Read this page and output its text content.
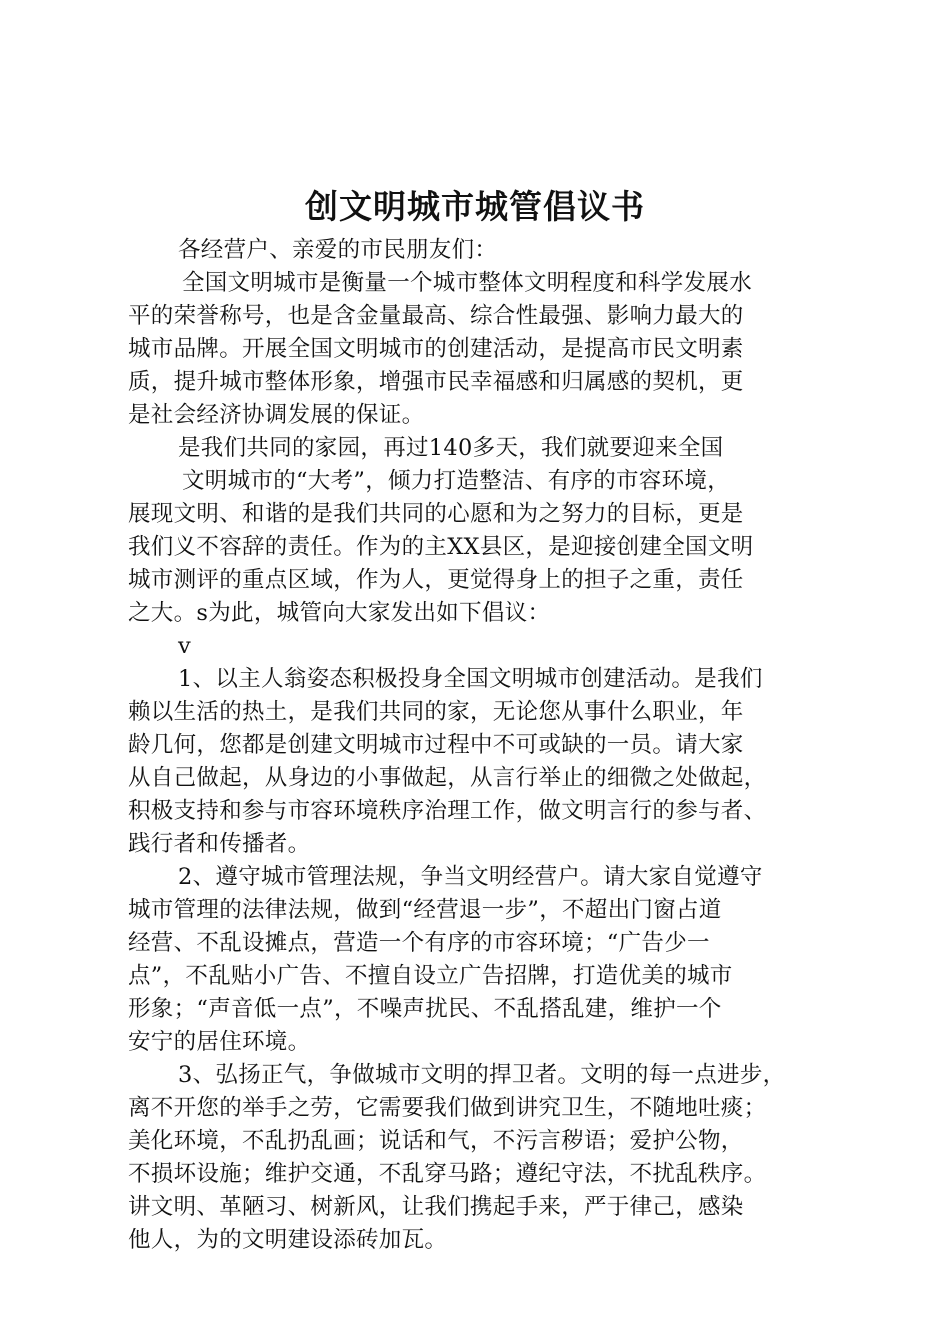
创文明城市城管倡议书
各经营户、亲爱的市民朋友们：
全国文明城市是衡量一个城市整体文明程度和科学发展水
平的荣誉称号，也是含金量最高、综合性最强、影响力最大的
城市品牌。开展全国文明城市的创建活动，是提高市民文明素
质，提升城市整体形象，增强市民幸福感和归属感的契机，更
是社会经济协调发展的保证。
是我们共同的家园，再过140多天，我们就要迎来全国
文明城市的“大考”，倾力打造整洁、有序的市容环境，
展现文明、和谐的是我们共同的心愿和为之努力的目标，更是
我们义不容辞的责任。作为的主XX县区，是迎接创建全国文明
城市测评的重点区域，作为人，更觉得身上的担子之重，责任
之大。s为此，城管向大家发出如下倡议：
v
1、以主人翁姿态积极投身全国文明城市创建活动。是我们
赖以生活的热土，是我们共同的家，无论您从事什么职业，年
龄几何，您都是创建文明城市过程中不可或缺的一员。请大家
从自己做起，从身边的小事做起，从言行举止的细微之处做起，
积极支持和参与市容环境秩序治理工作，做文明言行的参与者、
践行者和传播者。
2、遵守城市管理法规，争当文明经营户。请大家自觉遵守
城市管理的法律法规，做到“经营退一步”，不超出门窗占道
经营、不乱设摊点，营造一个有序的市容环境；“广告少一
点”，不乱贴小广告、不擅自设立广告招牌，打造优美的城市
形象；“声音低一点”，不噪声扰民、不乱搭乱建，维护一个
安宁的居住环境。
3、弘扬正气，争做城市文明的捍卫者。文明的每一点进步，
离不开您的举手之劳，它需要我们做到讲究卫生，不随地吐痰；
美化环境，不乱扔乱画；说话和气，不污言秽语；爱护公物，
不损坏设施；维护交通，不乱穿马路；遵纪守法，不扰乱秩序。
讲文明、革陋习、树新风，让我们携起手来，严于律己，感染
他人，为的文明建设添砖加瓦。
